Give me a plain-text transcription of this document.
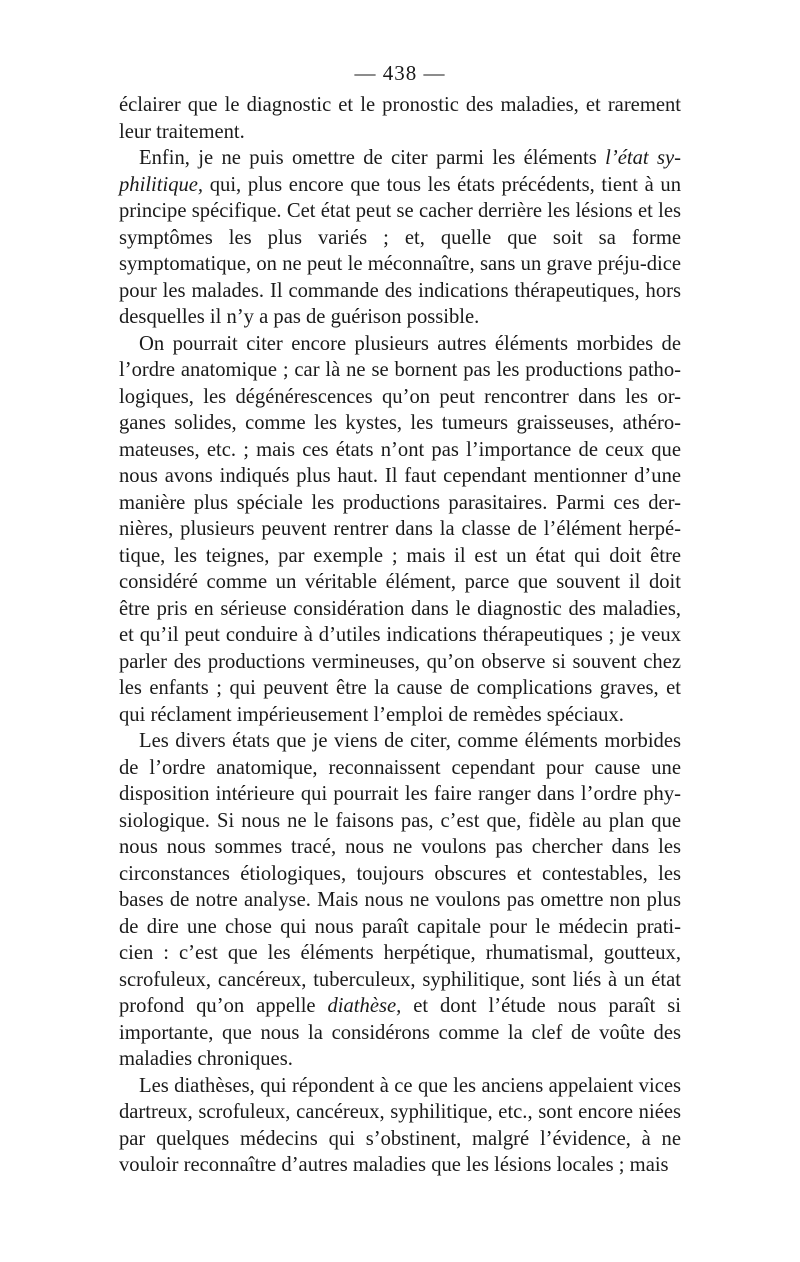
— 438 —

éclairer que le diagnostic et le pronostic des maladies, et rarement leur traitement.

Enfin, je ne puis omettre de citer parmi les éléments l’état sy-philitique, qui, plus encore que tous les états précédents, tient à un principe spécifique. Cet état peut se cacher derrière les lésions et les symptômes les plus variés ; et, quelle que soit sa forme symptomatique, on ne peut le méconnaître, sans un grave préju-dice pour les malades. Il commande des indications thérapeutiques, hors desquelles il n’y a pas de guérison possible.

On pourrait citer encore plusieurs autres éléments morbides de l’ordre anatomique ; car là ne se bornent pas les productions patho-logiques, les dégénérescences qu’on peut rencontrer dans les or-ganes solides, comme les kystes, les tumeurs graisseuses, athéro-mateuses, etc. ; mais ces états n’ont pas l’importance de ceux que nous avons indiqués plus haut. Il faut cependant mentionner d’une manière plus spéciale les productions parasitaires. Parmi ces der-nières, plusieurs peuvent rentrer dans la classe de l’élément herpé-tique, les teignes, par exemple ; mais il est un état qui doit être considéré comme un véritable élément, parce que souvent il doit être pris en sérieuse considération dans le diagnostic des maladies, et qu’il peut conduire à d’utiles indications thérapeutiques ; je veux parler des productions vermineuses, qu’on observe si souvent chez les enfants ; qui peuvent être la cause de complications graves, et qui réclament impérieusement l’emploi de remèdes spéciaux.

Les divers états que je viens de citer, comme éléments morbides de l’ordre anatomique, reconnaissent cependant pour cause une disposition intérieure qui pourrait les faire ranger dans l’ordre phy-siologique. Si nous ne le faisons pas, c’est que, fidèle au plan que nous nous sommes tracé, nous ne voulons pas chercher dans les circonstances étiologiques, toujours obscures et contestables, les bases de notre analyse. Mais nous ne voulons pas omettre non plus de dire une chose qui nous paraît capitale pour le médecin prati-cien : c’est que les éléments herpétique, rhumatismal, goutteux, scrofuleux, cancéreux, tuberculeux, syphilitique, sont liés à un état profond qu’on appelle diathèse, et dont l’étude nous paraît si importante, que nous la considérons comme la clef de voûte des maladies chroniques.

Les diathèses, qui répondent à ce que les anciens appelaient vices dartreux, scrofuleux, cancéreux, syphilitique, etc., sont encore niées par quelques médecins qui s’obstinent, malgré l’évidence, à ne vouloir reconnaître d’autres maladies que les lésions locales ; mais
